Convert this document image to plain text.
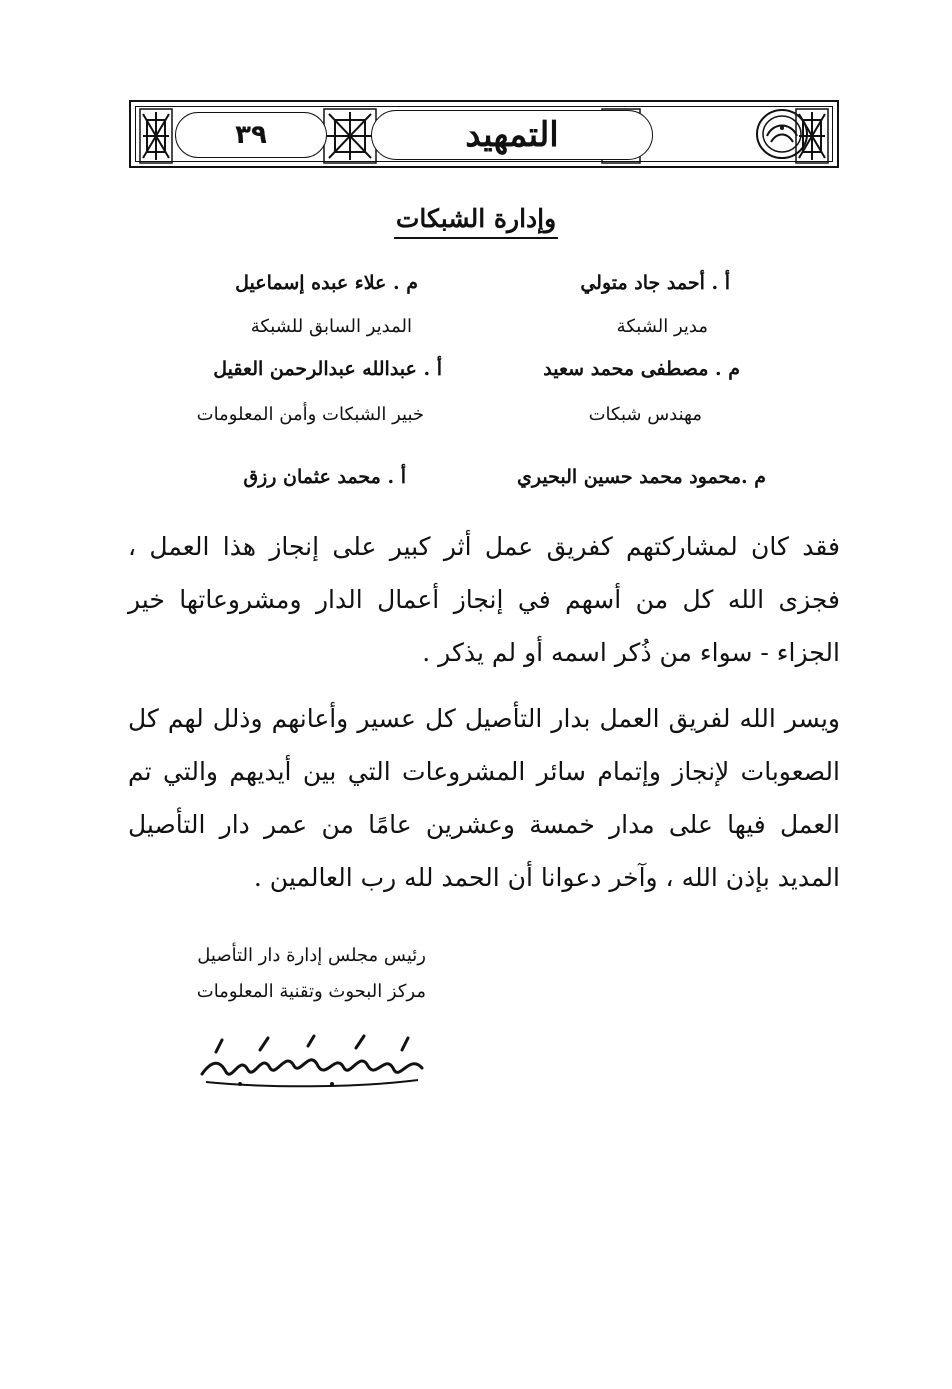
٣٩	التمهيد
وإدارة الشبكات
أ . أحمد جاد متولي
مدير الشبكة
م . علاء عبده إسماعيل
المدير السابق للشبكة
م . مصطفى محمد سعيد
مهندس شبكات
أ . عبدالله عبدالرحمن العقيل
خبير الشبكات وأمن المعلومات
م .محمود محمد حسين البحيري
أ . محمد عثمان رزق

فقد كان لمشاركتهم كفريق عمل أثر كبير على إنجاز هذا العمل ، فجزى الله كل من أسهم في إنجاز أعمال الدار ومشروعاتها خير الجزاء - سواء من ذُكر اسمه أو لم يذكر .

ويسر الله لفريق العمل بدار التأصيل كل عسير وأعانهم وذلل لهم كل الصعوبات لإنجاز وإتمام سائر المشروعات التي بين أيديهم والتي تم العمل فيها على مدار خمسة وعشرين عامًا من عمر دار التأصيل المديد بإذن الله ، وآخر دعوانا أن الحمد لله رب العالمين .

رئيس مجلس إدارة دار التأصيل
مركز البحوث وتقنية المعلومات
